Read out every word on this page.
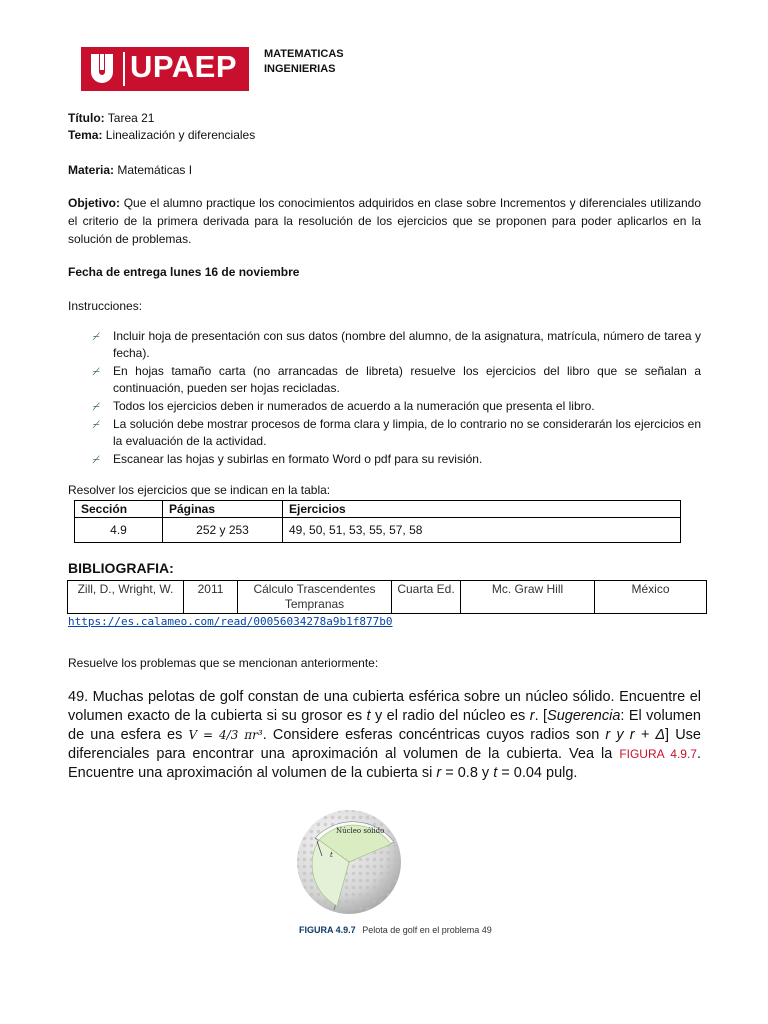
UPAEP MATEMATICAS
INGENIERIAS
Título: Tarea 21
Tema: Linealización y diferenciales
Materia: Matemáticas I
Objetivo: Que el alumno practique los conocimientos adquiridos en clase sobre Incrementos y diferenciales utilizando el criterio de la primera derivada para la resolución de los ejercicios que se proponen para poder aplicarlos en la solución de problemas.
Fecha de entrega lunes 16 de noviembre
Instrucciones:
⌿ Incluir hoja de presentación con sus datos (nombre del alumno, de la asignatura, matrícula, número de tarea y fecha).
⌿ En hojas tamaño carta (no arrancadas de libreta) resuelve los ejercicios del libro que se señalan a continuación, pueden ser hojas recicladas.
⌿ Todos los ejercicios deben ir numerados de acuerdo a la numeración que presenta el libro.
⌿ La solución debe mostrar procesos de forma clara y limpia, de lo contrario no se considerarán los ejercicios en la evaluación de la actividad.
⌿ Escanear las hojas y subirlas en formato Word o pdf para su revisión.
Resolver los ejercicios que se indican en la tabla:
Sección	Páginas	Ejercicios
4.9	252 y 253	49, 50, 51, 53, 55, 57, 58
BIBLIOGRAFIA:
Zill, D., Wright, W.	2011	Cálculo Trascendentes Tempranas	Cuarta Ed.	Mc. Graw Hill	México
https://es.calameo.com/read/00056034278a9b1f877b0
Resuelve los problemas que se mencionan anteriormente:
49. Muchas pelotas de golf constan de una cubierta esférica sobre un núcleo sólido. Encuentre el volumen exacto de la cubierta si su grosor es t y el radio del núcleo es r. [Sugerencia: El volumen de una esfera es V = 4/3 πr³. Considere esferas concéntricas cuyos radios son r y r + Δ] Use diferenciales para encontrar una aproximación al volumen de la cubierta. Vea la FIGURA 4.9.7. Encuentre una aproximación al volumen de la cubierta si r = 0.8 y t = 0.04 pulg.
Núcleo sólido
t
FIGURA 4.9.7 Pelota de golf en el problema 49
